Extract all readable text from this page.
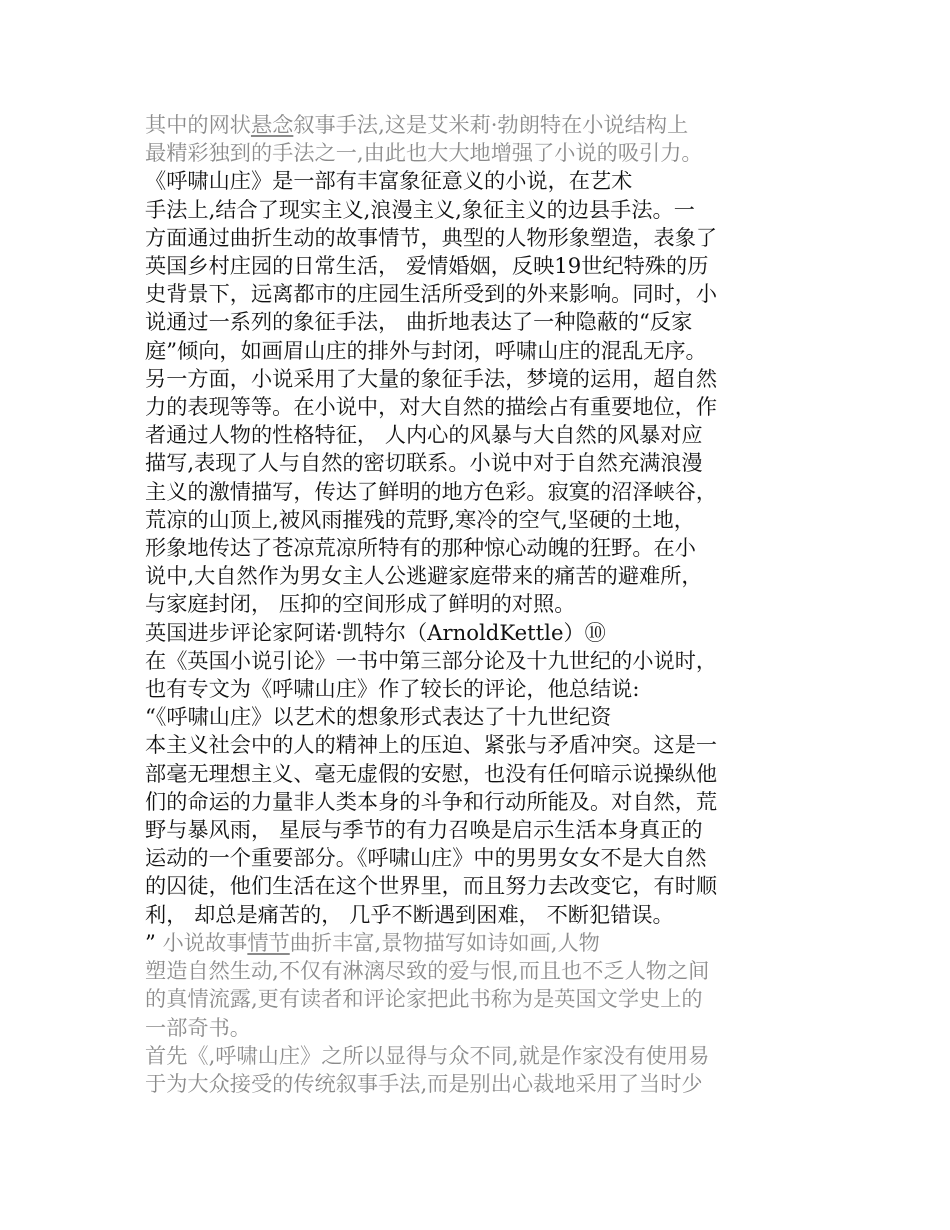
其中的网状悬念叙事手法,这是艾米莉·勃朗特在小说结构上
最精彩独到的手法之一,由此也大大地增强了小说的吸引力。
《呼啸山庄》是一部有丰富象征意义的小说，在艺术
手法上,结合了现实主义,浪漫主义,象征主义的边县手法。一
方面通过曲折生动的故事情节，典型的人物形象塑造，表象了
英国乡村庄园的日常生活， 爱情婚姻，反映19世纪特殊的历
史背景下，远离都市的庄园生活所受到的外来影响。同时，小
说通过一系列的象征手法， 曲折地表达了一种隐蔽的“反家
庭”倾向，如画眉山庄的排外与封闭，呼啸山庄的混乱无序。
另一方面，小说采用了大量的象征手法，梦境的运用，超自然
力的表现等等。在小说中，对大自然的描绘占有重要地位，作
者通过人物的性格特征， 人内心的风暴与大自然的风暴对应
描写,表现了人与自然的密切联系。小说中对于自然充满浪漫
主义的激情描写，传达了鲜明的地方色彩。寂寞的沼泽峡谷，
荒凉的山顶上,被风雨摧残的荒野,寒冷的空气,坚硬的土地，
形象地传达了苍凉荒凉所特有的那种惊心动魄的狂野。在小
说中,大自然作为男女主人公逃避家庭带来的痛苦的避难所，
与家庭封闭， 压抑的空间形成了鲜明的对照。
英国进步评论家阿诺·凯特尔（ArnoldKettle）⑩
在《英国小说引论》一书中第三部分论及十九世纪的小说时，
也有专文为《呼啸山庄》作了较长的评论，他总结说:
“《呼啸山庄》以艺术的想象形式表达了十九世纪资
本主义社会中的人的精神上的压迫、紧张与矛盾冲突。这是一
部毫无理想主义、毫无虚假的安慰，也没有任何暗示说操纵他
们的命运的力量非人类本身的斗争和行动所能及。对自然，荒
野与暴风雨， 星辰与季节的有力召唤是启示生活本身真正的
运动的一个重要部分。《呼啸山庄》中的男男女女不是大自然
的囚徒，他们生活在这个世界里，而且努力去改变它，有时顺
利， 却总是痛苦的， 几乎不断遇到困难， 不断犯错误。
” 小说故事情节曲折丰富,景物描写如诗如画,人物
塑造自然生动,不仅有淋漓尽致的爱与恨,而且也不乏人物之间
的真情流露,更有读者和评论家把此书称为是英国文学史上的
一部奇书。
首先《,呼啸山庄》之所以显得与众不同,就是作家没有使用易
于为大众接受的传统叙事手法,而是别出心裁地采用了当时少
